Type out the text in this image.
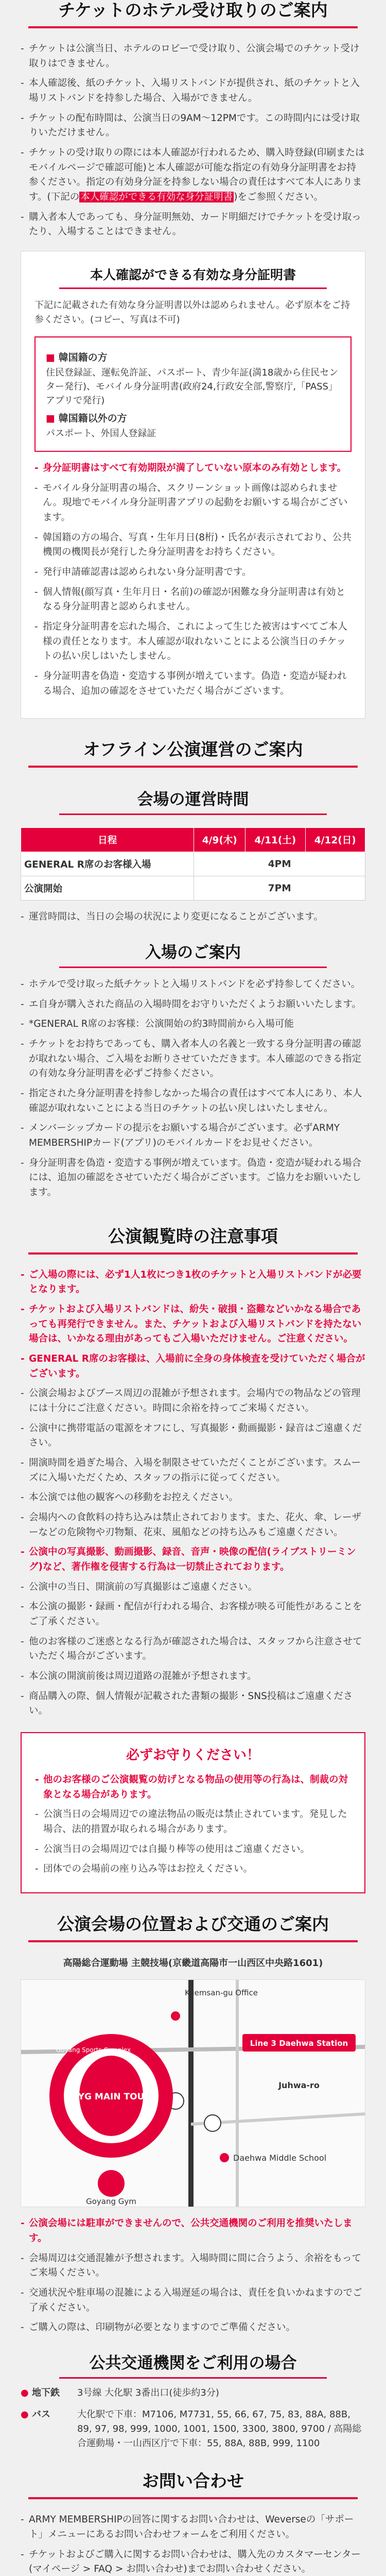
チケットのホテル受け取りのご案内
- チケットは公演当日、ホテルのロビーで受け取り、公演会場でのチケット受け取りはできません。
- 本人確認後、紙のチケット、入場リストバンドが提供され、紙のチケットと入場リストバンドを持参した場合、入場ができません。
- チケットの配布時間は、公演当日の9AM～12PMです。この時間内には受け取りいただけません。
- チケットの受け取りの際には本人確認が行われるため、購入時登録(印刷またはモバイルページで確認可能)と本人確認が可能な指定の有効身分証明書をお持参ください。指定の有効身分証を持参しない場合の責任はすべて本人にあります。(下記の 本人確認ができる有効な身分証明書 )をご参照ください。
- 購入者本人であっても、身分証明無効、カード明細だけでチケットを受け取ったり、入場することはできません。
本人確認ができる有効な身分証明書
下記に記載された有効な身分証明書以外は認められません。必ず原本をご持参ください。(コピー、写真は不可)
■ 韓国籍の方
住民登録証、運転免許証、パスポート、青少年証(満18歳から住民センター発行)、モバイル身分証明書(政府24,行政安全部,警察庁,「PASS」アプリで発行)
■ 韓国籍以外の方
パスポート、外国人登録証
- 身分証明書はすべて有効期限が満了していない原本のみ有効とします。
- モバイル身分証明書の場合、スクリーンショット画像は認められません。現地でモバイル身分証明書アプリの起動をお願いする場合がございます。
- 韓国籍の方の場合、写真・生年月日(8桁)・氏名が表示されており、公共機関の機関長が発行した身分証明書をお持ちください。
- 発行申請確認書は認められない身分証明書です。
- 個人情報(顔写真・生年月日・名前)の確認が困難な身分証明書は有効となる身分証明書と認められません。
- 指定身分証明書を忘れた場合、これによって生じた被害はすべてご本人様の責任となります。本人確認が取れないことによる公演当日のチケットの払い戻しはいたしません。
- 身分証明書を偽造・変造する事例が増えています。偽造・変造が疑われる場合、追加の確認をさせていただく場合がございます。
オフライン公演運営のご案内
会場の運営時間
日程	4/9(木)	4/11(土)	4/12(日)
GENERAL R席のお客様入場	4PM		
公演開始	7PM		
- 運営時間は、当日の会場の状況により変更になることがございます。
入場のご案内
- ホテルで受け取った紙チケットと入場リストバンドを必ず持参してください。
- エ自身が購入された商品の入場時間をお守りいただくようお願いいたします。
- *GENERAL R席のお客様：公演開始の約3時間前から入場可能
- チケットをお持ちであっても、購入者本人の名義と一致する身分証明書の確認が取れない場合、ご入場をお断りさせていただきます。本人確認のできる指定の有効な身分証明書を必ずご持参ください。
- 指定された身分証明書を持参しなかった場合の責任はすべて本人にあり、本人確認が取れないことによる当日のチケットの払い戻しはいたしません。
- メンバーシップカードの提示をお願いする場合がございます。必ずARMY MEMBERSHIPカード(アプリ)のモバイルカードをお見せください。
- 身分証明書を偽造・変造する事例が増えています。偽造・変造が疑われる場合には、追加の確認をさせていただく場合がございます。ご協力をお願いいたします。
公演観覧時の注意事項
- ご入場の際には、必ず1人1枚につき1枚のチケットと入場リストバンドが必要となります。
- チケットおよび入場リストバンドは、紛失・破損・盗難などいかなる場合であっても再発行できません。また、チケットおよび入場リストバンドを持たない場合は、いかなる理由があってもご入場いただけません。ご注意ください。
- GENERAL R席のお客様は、入場前に全身の身体検査を受けていただく場合がございます。
- 公演会場およびブース周辺の混雑が予想されます。会場内での物品などの管理には十分にご注意ください。時間に余裕を持ってご来場ください。
- 公演中に携帯電話の電源をオフにし、写真撮影・動画撮影・録音はご遠慮ください。
- 開演時間を過ぎた場合、入場を制限させていただくことがございます。スムーズに入場いただくため、スタッフの指示に従ってください。
- 本公演では他の観客への移動をお控えください。
- 会場内への食飲料の持ち込みは禁止されております。また、花火、傘、レーザーなどの危険物や刃物類、花束、風船などの持ち込みもご遠慮ください。
- 公演中の写真撮影、動画撮影、録音、音声・映像の配信(ライブストリーミング)など、著作権を侵害する行為は一切禁止されております。
- 公演中の当日、開演前の写真撮影はご遠慮ください。
- 本公演の撮影・録画・配信が行われる場合、お客様が映る可能性があることをご了承ください。
- 他のお客様のご迷惑となる行為が確認された場合は、スタッフから注意させていただく場合がございます。
- 本公演の開演前後は周辺道路の混雑が予想されます。
- 商品購入の際、個人情報が記載された書類の撮影・SNS投稿はご遠慮ください。
必ずお守りください！
- 他のお客様のご公演観覧の妨げとなる物品の使用等の行為は、制裁の対象となる場合があります。
- 公演当日の会場周辺での違法物品の販売は禁止されています。発見した場合、法的措置が取られる場合があります。
- 公演当日の会場周辺では自撮り棒等の使用はご遠慮ください。
- 団体での会場前の座り込み等はお控えください。
公演会場の位置および交通のご案内
高陽総合運動場 主競技場(京畿道高陽市一山西区中央路1601)
KYG MAIN TOUR
Goyang Sports Complex
Kuemsan-gu Office
Line 3 Daehwa Station
Juhwa-ro
Daehwa Middle School
Goyang Gym
- 公演会場には駐車ができませんので、公共交通機関のご利用を推奨いたします。
- 会場周辺は交通混雑が予想されます。入場時間に間に合うよう、余裕をもってご来場ください。
- 交通状況や駐車場の混雑による入場遅延の場合は、責任を負いかねますのでご了承ください。
- ご購入の際は、印刷物が必要となりますのでご準備ください。
公共交通機関をご利用の場合
● 地下鉄	3号線 大化駅 3番出口(徒歩約3分)
● バス	大化駅で下車：M7106, M7731, 55, 66, 67, 75, 83, 88A, 88B, 89, 97, 98, 999, 1000, 1001, 1500, 3300, 3800, 9700 / 高陽総合運動場・一山西区庁で下車：55, 88A, 88B, 999, 1100
お問い合わせ
- ARMY MEMBERSHIPの回答に関するお問い合わせは、Weverseの「サポート」メニューにあるお問い合わせフォームをご利用ください。
- チケットおよびご購入に関するお問い合わせは、購入先のカスタマーセンター(マイページ > FAQ > お問い合わせ)までお問い合わせください。
